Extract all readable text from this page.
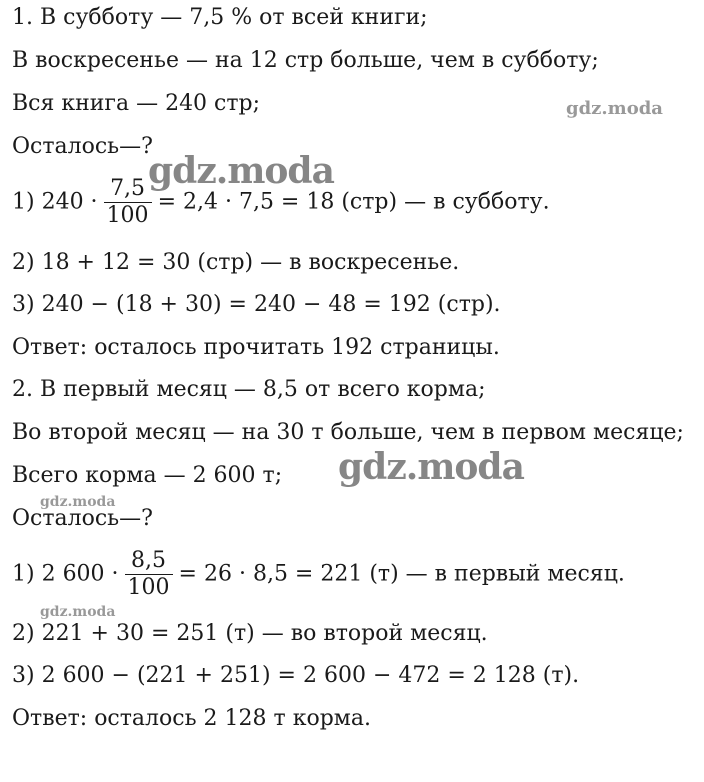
1. В субботу — 7,5 % от всей книги;
В воскресенье — на 12 стр больше, чем в субботу;
Вся книга — 240 стр;
Осталось—?
1) $240 \cdot \frac{7,5}{100} = 2,4 \cdot 7,5 = 18$ (стр) — в субботу.
2) 18 + 12 = 30 (стр) — в воскресенье.
3) 240 − (18 + 30) = 240 − 48 = 192 (стр).
Ответ: осталось прочитать 192 страницы.
2. В первый месяц — 8,5 от всего корма;
Во второй месяц — на 30 т больше, чем в первом месяце;
Всего корма — 2 600 т;
Осталось—?
1) 2 $600 \cdot \frac{8,5}{100} = 26 \cdot 8,5 = 221$ (т) — в первый месяц.
2) 221 + 30 = 251 (т) — во второй месяц.
3) 2 600 − (221 + 251) = 2 600 − 472 = 2 128 (т).
Ответ: осталось 2 128 т корма.
gdz.moda
gdz.moda
gdz.moda
gdz.moda
gdz.moda
